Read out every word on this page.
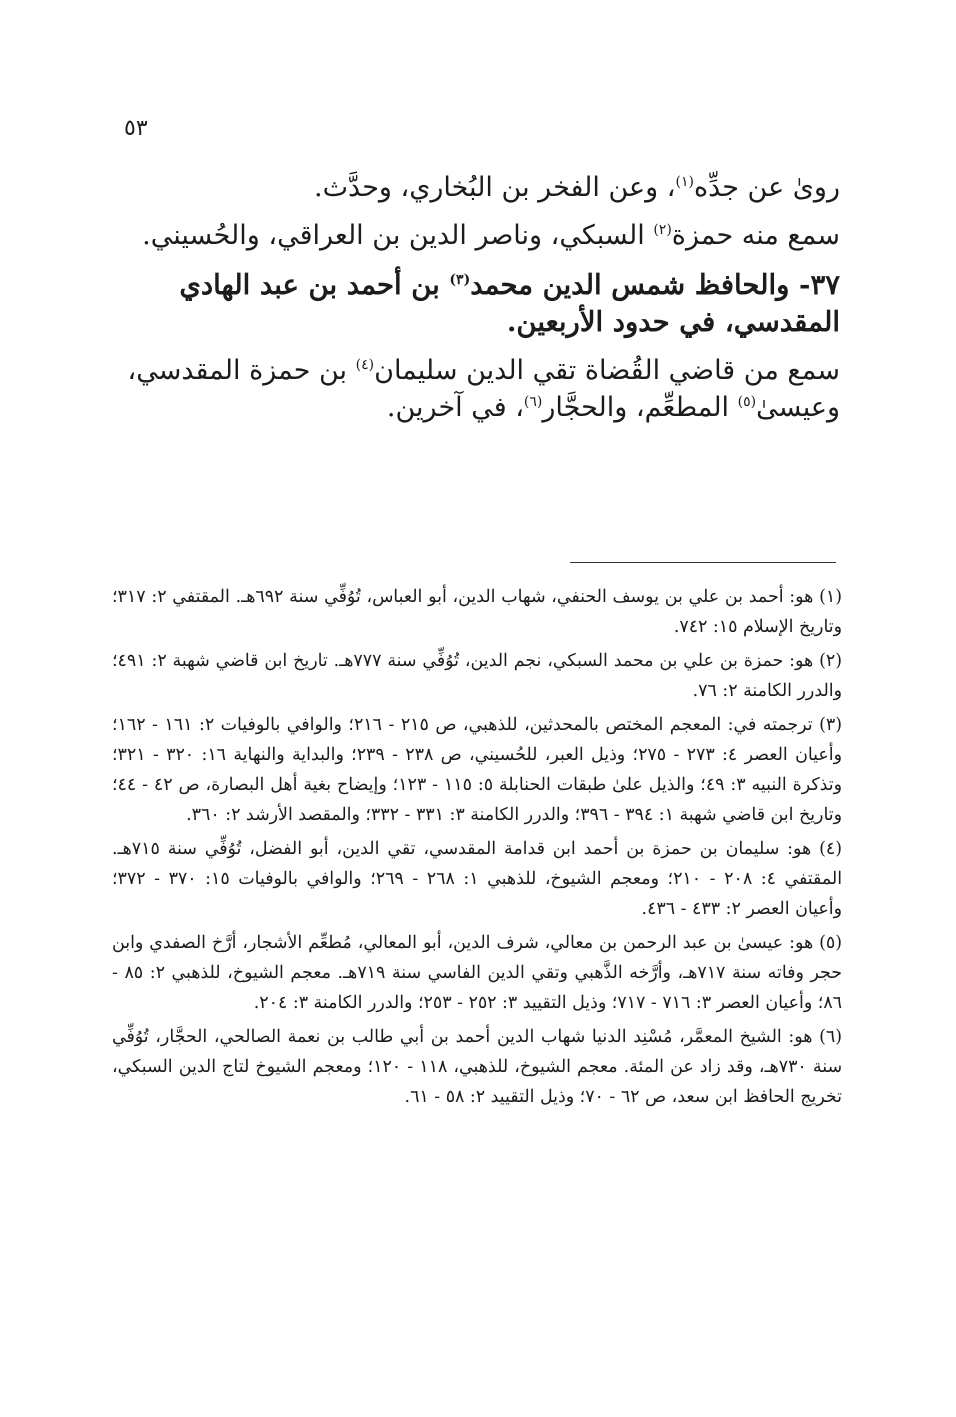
٥٣

روىٰ عن جدِّه$^{(١)}$، وعن الفخر بن البُخاري، وحدَّث.

سمع منه حمزة$^{(٢)}$ السبكي، وناصر الدين بن العراقي، والحُسيني.

٣٧- والحافظ شمس الدين محمد$^{(٣)}$ بن أحمد بن عبد الهادي المقدسي، في حدود الأربعين.

سمع من قاضي القُضاة تقي الدين سليمان$^{(٤)}$ بن حمزة المقدسي، وعيسىٰ$^{(٥)}$ المطعِّم، والحجَّار$^{(٦)}$، في آخرين.

(١) هو: أحمد بن علي بن يوسف الحنفي، شهاب الدين، أبو العباس، تُوُفِّي سنة ٦٩٢هـ. المقتفي ٢: ٣١٧؛ وتاريخ الإسلام ١٥: ٧٤٢.

(٢) هو: حمزة بن علي بن محمد السبكي، نجم الدين، تُوُفِّي سنة ٧٧٧هـ. تاريخ ابن قاضي شهبة ٢: ٤٩١؛ والدرر الكامنة ٢: ٧٦.

(٣) ترجمته في: المعجم المختص بالمحدثين، للذهبي، ص ٢١٥ - ٢١٦؛ والوافي بالوفيات ٢: ١٦١ - ١٦٢؛ وأعيان العصر ٤: ٢٧٣ - ٢٧٥؛ وذيل العبر، للحُسيني، ص ٢٣٨ - ٢٣٩؛ والبداية والنهاية ١٦: ٣٢٠ - ٣٢١؛ وتذكرة النبيه ٣: ٤٩؛ والذيل علىٰ طبقات الحنابلة ٥: ١١٥ - ١٢٣؛ وإيضاح بغية أهل البصارة، ص ٤٢ - ٤٤؛ وتاريخ ابن قاضي شهبة ١: ٣٩٤ - ٣٩٦؛ والدرر الكامنة ٣: ٣٣١ - ٣٣٢؛ والمقصد الأرشد ٢: ٣٦٠.

(٤) هو: سليمان بن حمزة بن أحمد ابن قدامة المقدسي، تقي الدين، أبو الفضل، تُوُفِّي سنة ٧١٥هـ. المقتفي ٤: ٢٠٨ - ٢١٠؛ ومعجم الشيوخ، للذهبي ١: ٢٦٨ - ٢٦٩؛ والوافي بالوفيات ١٥: ٣٧٠ - ٣٧٢؛ وأعيان العصر ٢: ٤٣٣ - ٤٣٦.

(٥) هو: عيسىٰ بن عبد الرحمن بن معالي، شرف الدين، أبو المعالي، مُطعِّم الأشجار، أرَّخ الصفدي وابن حجر وفاته سنة ٧١٧هـ، وأرَّخه الذَّهبي وتقي الدين الفاسي سنة ٧١٩هـ. معجم الشيوخ، للذهبي ٢: ٨٥ - ٨٦؛ وأعيان العصر ٣: ٧١٦ - ٧١٧؛ وذيل التقييد ٣: ٢٥٢ - ٢٥٣؛ والدرر الكامنة ٣: ٢٠٤.

(٦) هو: الشيخ المعمَّر، مُسْنِد الدنيا شهاب الدين أحمد بن أبي طالب بن نعمة الصالحي، الحجَّار، تُوُفِّي سنة ٧٣٠هـ، وقد زاد عن المئة. معجم الشيوخ، للذهبي، ١١٨ - ١٢٠؛ ومعجم الشيوخ لتاج الدين السبكي، تخريج الحافظ ابن سعد، ص ٦٢ - ٧٠؛ وذيل التقييد ٢: ٥٨ - ٦١.
